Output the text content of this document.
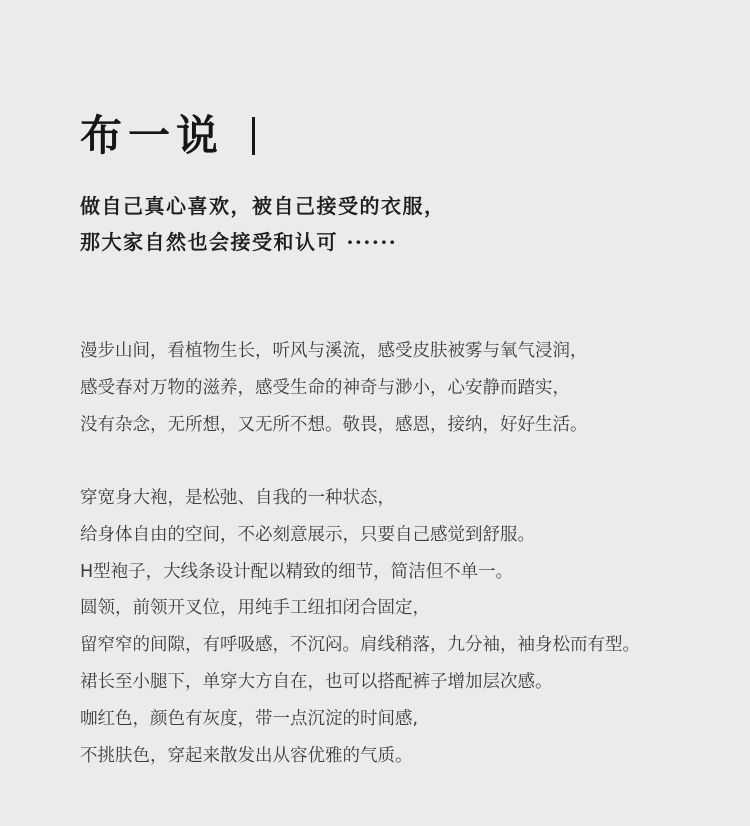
布一说
做自己真心喜欢，被自己接受的衣服，
那大家自然也会接受和认可 ······
漫步山间，看植物生长，听风与溪流，感受皮肤被雾与氧气浸润，
感受春对万物的滋养，感受生命的神奇与渺小，心安静而踏实，
没有杂念，无所想，又无所不想。敬畏，感恩，接纳，好好生活。
穿宽身大袍，是松弛、自我的一种状态，
给身体自由的空间，不必刻意展示，只要自己感觉到舒服。
H型袍子，大线条设计配以精致的细节，简洁但不单一。
圆领，前领开叉位，用纯手工纽扣闭合固定，
留窄窄的间隙，有呼吸感，不沉闷。肩线稍落，九分袖，袖身松而有型。
裙长至小腿下，单穿大方自在，也可以搭配裤子增加层次感。
咖红色，颜色有灰度，带一点沉淀的时间感,
不挑肤色，穿起来散发出从容优雅的气质。
